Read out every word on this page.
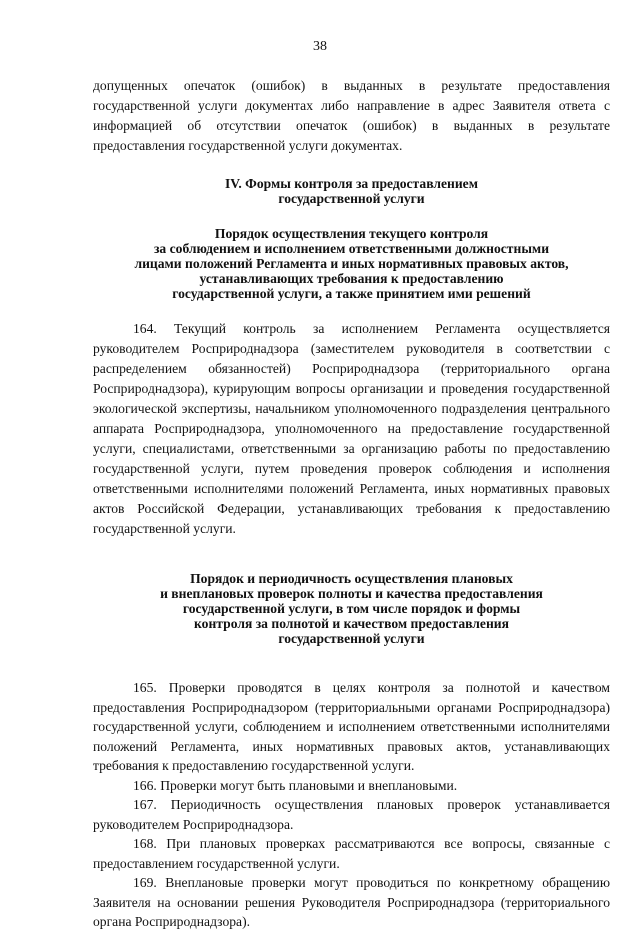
38

допущенных опечаток (ошибок) в выданных в результате предоставления государственной услуги документах либо направление в адрес Заявителя ответа с информацией об отсутствии опечаток (ошибок) в выданных в результате предоставления государственной услуги документах.

IV. Формы контроля за предоставлением
государственной услуги
Порядок осуществления текущего контроля
за соблюдением и исполнением ответственными должностными
лицами положений Регламента и иных нормативных правовых актов,
устанавливающих требования к предоставлению
государственной услуги, а также принятием ими решений

164. Текущий контроль за исполнением Регламента осуществляется руководителем Росприроднадзора (заместителем руководителя в соответствии с распределением обязанностей) Росприроднадзора (территориального органа Росприроднадзора), курирующим вопросы организации и проведения государственной экологической экспертизы, начальником уполномоченного подразделения центрального аппарата Росприроднадзора, уполномоченного на предоставление государственной услуги, специалистами, ответственными за организацию работы по предоставлению государственной услуги, путем проведения проверок соблюдения и исполнения ответственными исполнителями положений Регламента, иных нормативных правовых актов Российской Федерации, устанавливающих требования к предоставлению государственной услуги.

Порядок и периодичность осуществления плановых
и внеплановых проверок полноты и качества предоставления
государственной услуги, в том числе порядок и формы
контроля за полнотой и качеством предоставления
государственной услуги

165. Проверки проводятся в целях контроля за полнотой и качеством предоставления Росприроднадзором (территориальными органами Росприроднадзора) государственной услуги, соблюдением и исполнением ответственными исполнителями положений Регламента, иных нормативных правовых актов, устанавливающих требования к предоставлению государственной услуги.

166. Проверки могут быть плановыми и внеплановыми.

167. Периодичность осуществления плановых проверок устанавливается руководителем Росприроднадзора.

168. При плановых проверках рассматриваются все вопросы, связанные с предоставлением государственной услуги.

169. Внеплановые проверки могут проводиться по конкретному обращению Заявителя на основании решения Руководителя Росприроднадзора (территориального органа Росприроднадзора).
